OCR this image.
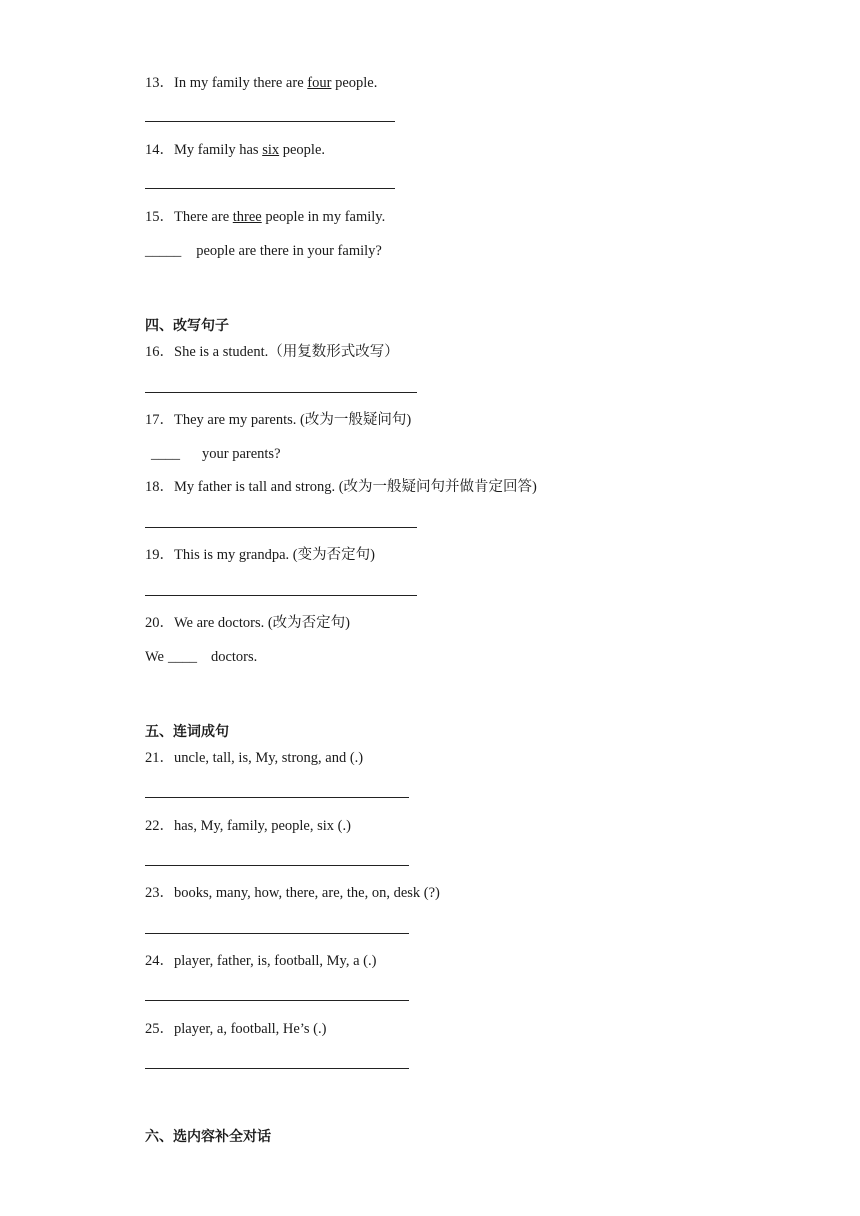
13．In my family there are four people.
14．My family has six people.
15．There are three people in my family.
_____ people are there in your family?
四、改写句子
16．She is a student.（用复数形式改写）
17．They are my parents. (改为一般疑问句)
____ your parents?
18．My father is tall and strong. (改为一般疑问句并做肯定回答)
19．This is my grandpa. (变为否定句)
20．We are doctors. (改为否定句)
We ____ doctors.
五、连词成句
21．uncle, tall, is, My, strong, and (.)
22．has, My, family, people, six (.)
23．books, many, how, there, are, the, on, desk (?)
24．player, father, is, football, My, a (.)
25．player, a, football, He’s (.)
六、选内容补全对话
